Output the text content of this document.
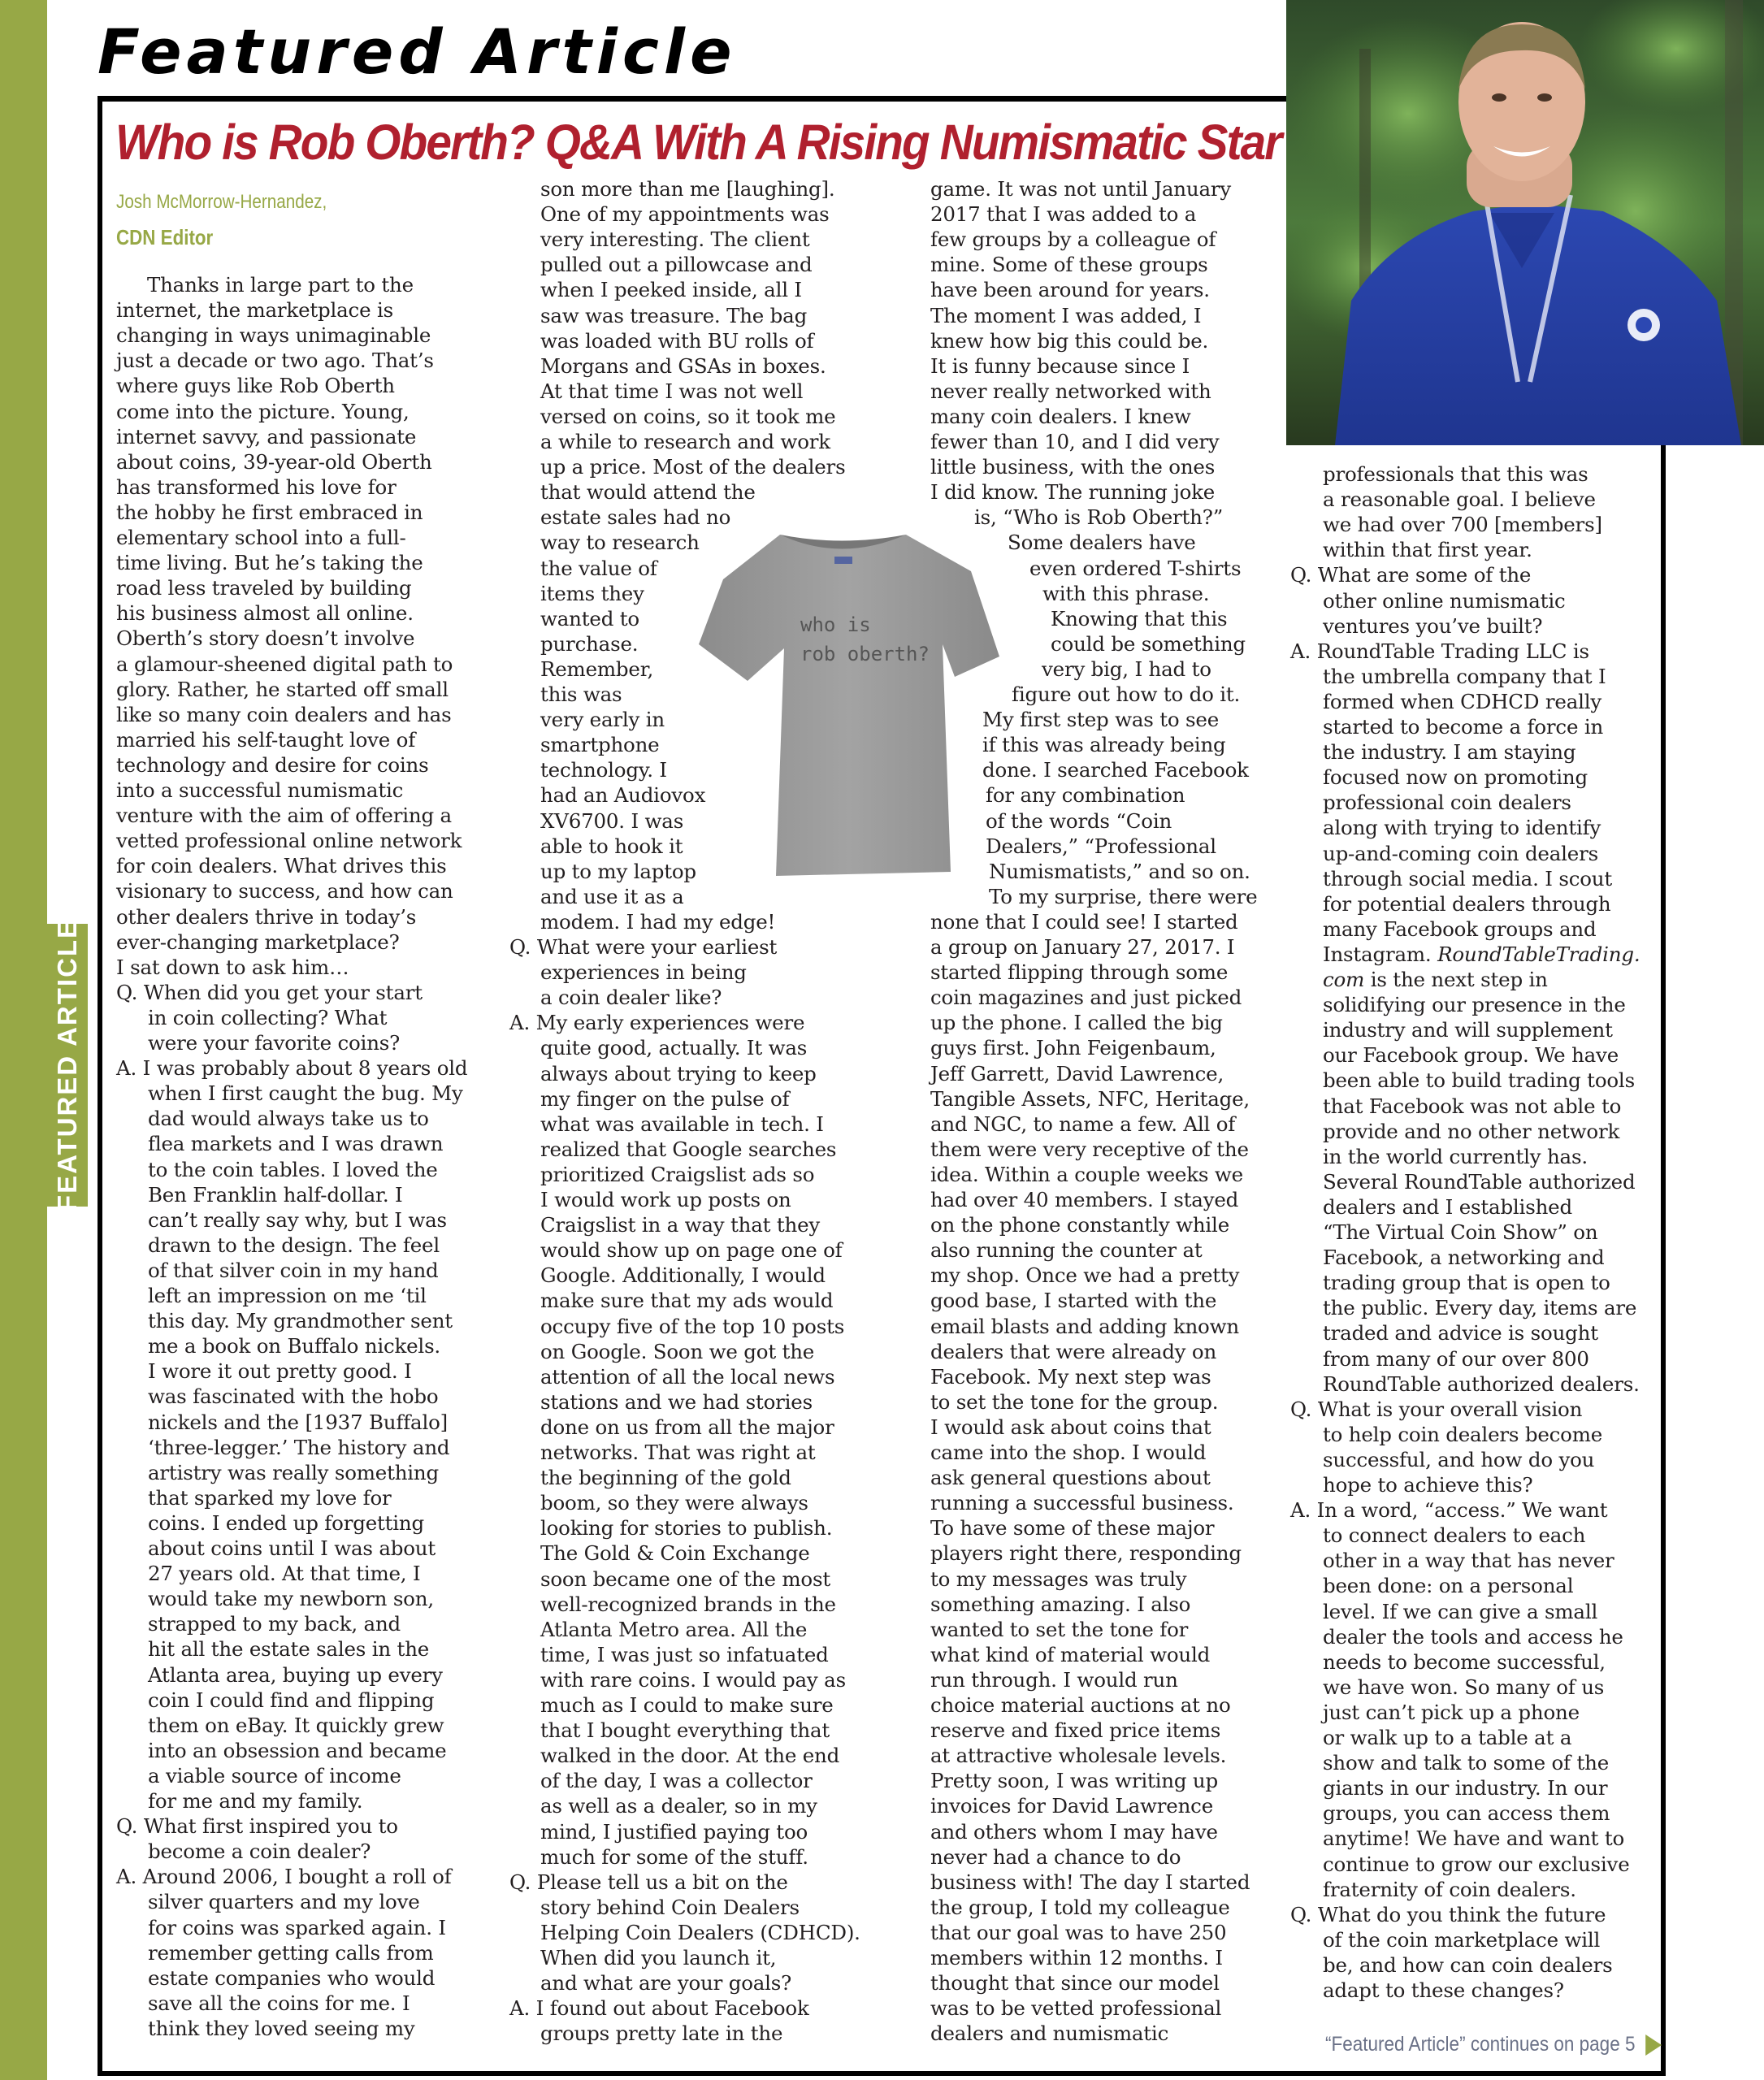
FEATURED ARTICLE
Featured Article
Who is Rob Oberth? Q&A With A Rising Numismatic Star
Josh McMorrow-Hernandez,
CDN Editor
who is
rob oberth?
Thanks in large part to the
internet, the marketplace is
changing in ways unimaginable
just a decade or two ago. That’s
where guys like Rob Oberth
come into the picture. Young,
internet savvy, and passionate
about coins, 39-year-old Oberth
has transformed his love for
the hobby he first embraced in
elementary school into a full-
time living. But he’s taking the
road less traveled by building
his business almost all online.
Oberth’s story doesn’t involve
a glamour-sheened digital path to
glory. Rather, he started off small
like so many coin dealers and has
married his self-taught love of
technology and desire for coins
into a successful numismatic
venture with the aim of offering a
vetted professional online network
for coin dealers. What drives this
visionary to success, and how can
other dealers thrive in today’s
ever-changing marketplace?
I sat down to ask him…
Q. When did you get your start
in coin collecting? What
were your favorite coins?
A. I was probably about 8 years old
when I first caught the bug. My
dad would always take us to
flea markets and I was drawn
to the coin tables. I loved the
Ben Franklin half-dollar. I
can’t really say why, but I was
drawn to the design. The feel
of that silver coin in my hand
left an impression on me ‘til
this day. My grandmother sent
me a book on Buffalo nickels.
I wore it out pretty good. I
was fascinated with the hobo
nickels and the [1937 Buffalo]
‘three-legger.’ The history and
artistry was really something
that sparked my love for
coins. I ended up forgetting
about coins until I was about
27 years old. At that time, I
would take my newborn son,
strapped to my back, and
hit all the estate sales in the
Atlanta area, buying up every
coin I could find and flipping
them on eBay. It quickly grew
into an obsession and became
a viable source of income
for me and my family.
Q. What first inspired you to
become a coin dealer?
A. Around 2006, I bought a roll of
silver quarters and my love
for coins was sparked again. I
remember getting calls from
estate companies who would
save all the coins for me. I
think they loved seeing my
son more than me [laughing].
One of my appointments was
very interesting. The client
pulled out a pillowcase and
when I peeked inside, all I
saw was treasure. The bag
was loaded with BU rolls of
Morgans and GSAs in boxes.
At that time I was not well
versed on coins, so it took me
a while to research and work
up a price. Most of the dealers
that would attend the
estate sales had no
way to research
the value of
items they
wanted to
purchase.
Remember,
this was
very early in
smartphone
technology. I
had an Audiovox
XV6700. I was
able to hook it
up to my laptop
and use it as a
modem. I had my edge!
Q. What were your earliest
experiences in being
a coin dealer like?
A. My early experiences were
quite good, actually. It was
always about trying to keep
my finger on the pulse of
what was available in tech. I
realized that Google searches
prioritized Craigslist ads so
I would work up posts on
Craigslist in a way that they
would show up on page one of
Google. Additionally, I would
make sure that my ads would
occupy five of the top 10 posts
on Google. Soon we got the
attention of all the local news
stations and we had stories
done on us from all the major
networks. That was right at
the beginning of the gold
boom, so they were always
looking for stories to publish.
The Gold & Coin Exchange
soon became one of the most
well-recognized brands in the
Atlanta Metro area. All the
time, I was just so infatuated
with rare coins. I would pay as
much as I could to make sure
that I bought everything that
walked in the door. At the end
of the day, I was a collector
as well as a dealer, so in my
mind, I justified paying too
much for some of the stuff.
Q. Please tell us a bit on the
story behind Coin Dealers
Helping Coin Dealers (CDHCD).
When did you launch it,
and what are your goals?
A. I found out about Facebook
groups pretty late in the
game. It was not until January
2017 that I was added to a
few groups by a colleague of
mine. Some of these groups
have been around for years.
The moment I was added, I
knew how big this could be.
It is funny because since I
never really networked with
many coin dealers. I knew
fewer than 10, and I did very
little business, with the ones
I did know. The running joke
is, “Who is Rob Oberth?”
Some dealers have
even ordered T-shirts
with this phrase.
Knowing that this
could be something
very big, I had to
figure out how to do it.
My first step was to see
if this was already being
done. I searched Facebook
for any combination
of the words “Coin
Dealers,” “Professional
Numismatists,” and so on.
To my surprise, there were
none that I could see! I started
a group on January 27, 2017. I
started flipping through some
coin magazines and just picked
up the phone. I called the big
guys first. John Feigenbaum,
Jeff Garrett, David Lawrence,
Tangible Assets, NFC, Heritage,
and NGC, to name a few. All of
them were very receptive of the
idea. Within a couple weeks we
had over 40 members. I stayed
on the phone constantly while
also running the counter at
my shop. Once we had a pretty
good base, I started with the
email blasts and adding known
dealers that were already on
Facebook. My next step was
to set the tone for the group.
I would ask about coins that
came into the shop. I would
ask general questions about
running a successful business.
To have some of these major
players right there, responding
to my messages was truly
something amazing. I also
wanted to set the tone for
what kind of material would
run through. I would run
choice material auctions at no
reserve and fixed price items
at attractive wholesale levels.
Pretty soon, I was writing up
invoices for David Lawrence
and others whom I may have
never had a chance to do
business with! The day I started
the group, I told my colleague
that our goal was to have 250
members within 12 months. I
thought that since our model
was to be vetted professional
dealers and numismatic
professionals that this was
a reasonable goal. I believe
we had over 700 [members]
within that first year.
Q. What are some of the
other online numismatic
ventures you’ve built?
A. RoundTable Trading LLC is
the umbrella company that I
formed when CDHCD really
started to become a force in
the industry. I am staying
focused now on promoting
professional coin dealers
along with trying to identify
up-and-coming coin dealers
through social media. I scout
for potential dealers through
many Facebook groups and
Instagram. RoundTableTrading.
com is the next step in
solidifying our presence in the
industry and will supplement
our Facebook group. We have
been able to build trading tools
that Facebook was not able to
provide and no other network
in the world currently has.
Several RoundTable authorized
dealers and I established
“The Virtual Coin Show” on
Facebook, a networking and
trading group that is open to
the public. Every day, items are
traded and advice is sought
from many of our over 800
RoundTable authorized dealers.
Q. What is your overall vision
to help coin dealers become
successful, and how do you
hope to achieve this?
A. In a word, “access.” We want
to connect dealers to each
other in a way that has never
been done: on a personal
level. If we can give a small
dealer the tools and access he
needs to become successful,
we have won. So many of us
just can’t pick up a phone
or walk up to a table at a
show and talk to some of the
giants in our industry. In our
groups, you can access them
anytime! We have and want to
continue to grow our exclusive
fraternity of coin dealers.
Q. What do you think the future
of the coin marketplace will
be, and how can coin dealers
adapt to these changes?
“Featured Article” continues on page 5
